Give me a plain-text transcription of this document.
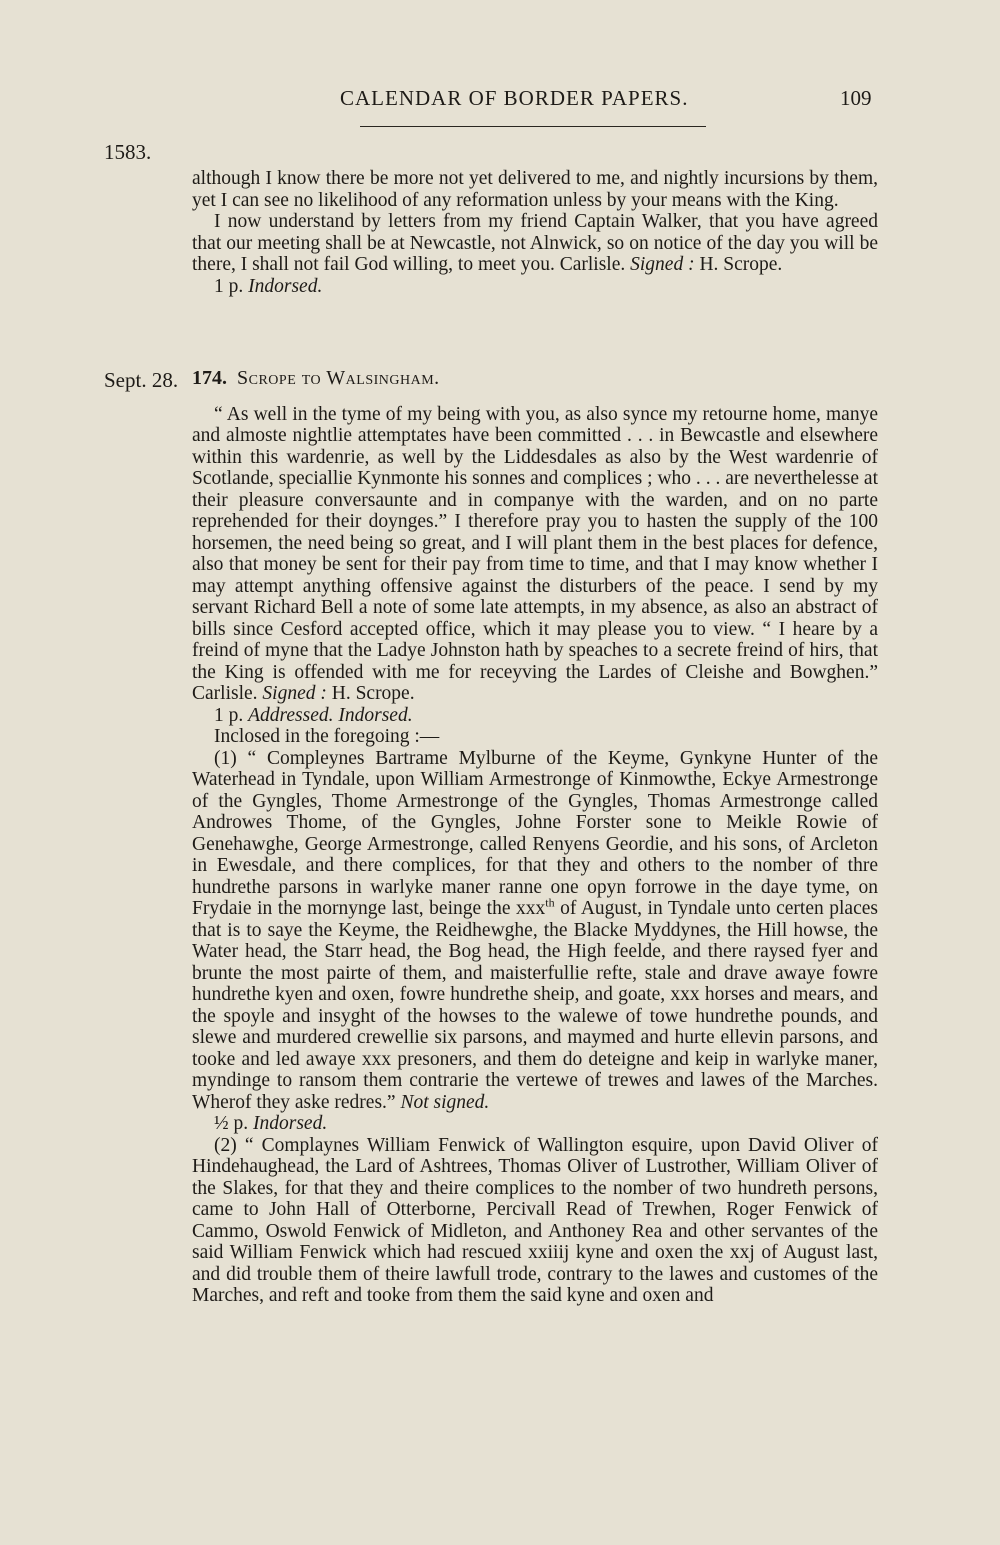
CALENDAR OF BORDER PAPERS.	109
1583.
Sept. 28.

although I know there be more not yet delivered to me, and nightly incursions by them, yet I can see no likelihood of any reformation unless by your means with the King.

I now understand by letters from my friend Captain Walker, that you have agreed that our meeting shall be at Newcastle, not Alnwick, so on notice of the day you will be there, I shall not fail God willing, to meet you. Carlisle. Signed : H. Scrope.

1 p. Indorsed.

174. Scrope to Walsingham.

“ As well in the tyme of my being with you, as also synce my retourne home, manye and almoste nightlie attemptates have been committed . . . in Bewcastle and elsewhere within this wardenrie, as well by the Liddesdales as also by the West wardenrie of Scotlande, speciallie Kynmonte his sonnes and complices ; who . . . are neverthelesse at their pleasure conversaunte and in companye with the warden, and on no parte reprehended for their doynges.” I therefore pray you to hasten the supply of the 100 horsemen, the need being so great, and I will plant them in the best places for defence, also that money be sent for their pay from time to time, and that I may know whether I may attempt anything offensive against the disturbers of the peace. I send by my servant Richard Bell a note of some late attempts, in my absence, as also an abstract of bills since Cesford accepted office, which it may please you to view. “ I heare by a freind of myne that the Ladye Johnston hath by speaches to a secrete freind of hirs, that the King is offended with me for receyving the Lardes of Cleishe and Bowghen.” Carlisle. Signed : H. Scrope.

1 p. Addressed. Indorsed.

Inclosed in the foregoing :—

(1) “ Compleynes Bartrame Mylburne of the Keyme, Gynkyne Hunter of the Waterhead in Tyndale, upon William Armestronge of Kinmowthe, Eckye Armestronge of the Gyngles, Thome Armestronge of the Gyngles, Thomas Armestronge called Androwes Thome, of the Gyngles, Johne Forster sone to Meikle Rowie of Genehawghe, George Armestronge, called Renyens Geordie, and his sons, of Arcleton in Ewesdale, and there complices, for that they and others to the nomber of thre hundrethe parsons in warlyke maner ranne one opyn forrowe in the daye tyme, on Frydaie in the mornynge last, beinge the xxx$^{th}$ of August, in Tyndale unto certen places that is to saye the Keyme, the Reidhewghe, the Blacke Myddynes, the Hill howse, the Water head, the Starr head, the Bog head, the High feelde, and there raysed fyer and brunte the most pairte of them, and maisterfullie refte, stale and drave awaye fowre hundrethe kyen and oxen, fowre hundrethe sheip, and goate, xxx horses and mears, and the spoyle and insyght of the howses to the walewe of towe hundrethe pounds, and slewe and murdered crewellie six parsons, and maymed and hurte ellevin parsons, and tooke and led awaye xxx presoners, and them do deteigne and keip in warlyke maner, myndinge to ransom them contrarie the vertewe of trewes and lawes of the Marches. Wherof they aske redres.” Not signed.

½ p. Indorsed.

(2) “ Complaynes William Fenwick of Wallington esquire, upon David Oliver of Hindehaughead, the Lard of Ashtrees, Thomas Oliver of Lustrother, William Oliver of the Slakes, for that they and theire complices to the nomber of two hundreth persons, came to John Hall of Otterborne, Percivall Read of Trewhen, Roger Fenwick of Cammo, Oswold Fenwick of Midleton, and Anthoney Rea and other servantes of the said William Fenwick which had rescued xxiiij kyne and oxen the xxj of August last, and did trouble them of theire lawfull trode, contrary to the lawes and customes of the Marches, and reft and tooke from them the said kyne and oxen and
